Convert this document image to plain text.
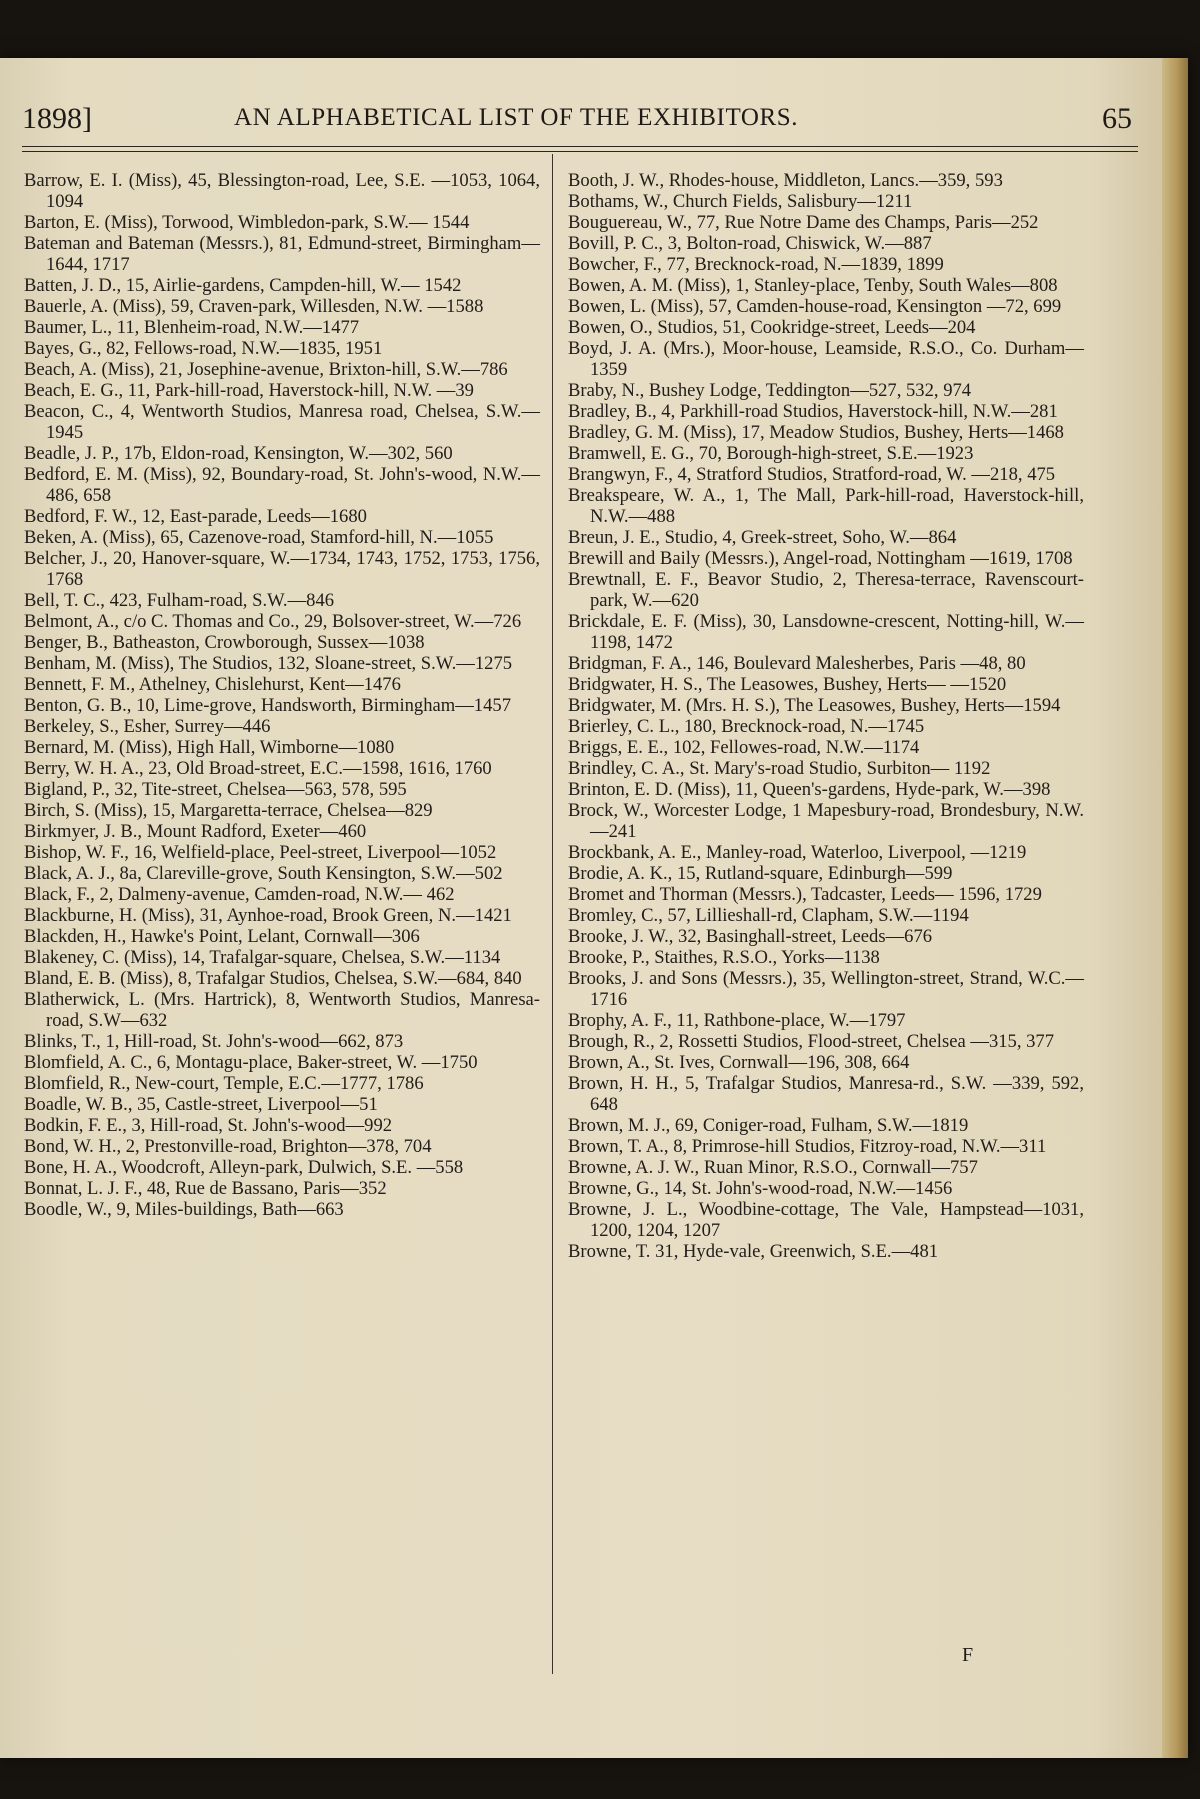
1898]	AN ALPHABETICAL LIST OF THE EXHIBITORS.	65

Barrow, E. I. (Miss), 45, Blessington-road, Lee, S.E. —1053, 1064, 1094

Barton, E. (Miss), Torwood, Wimbledon-park, S.W.— 1544

Bateman and Bateman (Messrs.), 81, Edmund-street, Birmingham—1644, 1717

Batten, J. D., 15, Airlie-gardens, Campden-hill, W.— 1542

Bauerle, A. (Miss), 59, Craven-park, Willesden, N.W. —1588

Baumer, L., 11, Blenheim-road, N.W.—1477

Bayes, G., 82, Fellows-road, N.W.—1835, 1951

Beach, A. (Miss), 21, Josephine-avenue, Brixton-hill, S.W.—786

Beach, E. G., 11, Park-hill-road, Haverstock-hill, N.W. —39

Beacon, C., 4, Wentworth Studios, Manresa road, Chelsea, S.W.—1945

Beadle, J. P., 17b, Eldon-road, Kensington, W.—302, 560

Bedford, E. M. (Miss), 92, Boundary-road, St. John's-wood, N.W.—486, 658

Bedford, F. W., 12, East-parade, Leeds—1680

Beken, A. (Miss), 65, Cazenove-road, Stamford-hill, N.—1055

Belcher, J., 20, Hanover-square, W.—1734, 1743, 1752, 1753, 1756, 1768

Bell, T. C., 423, Fulham-road, S.W.—846

Belmont, A., c/o C. Thomas and Co., 29, Bolsover-street, W.—726

Benger, B., Batheaston, Crowborough, Sussex—1038

Benham, M. (Miss), The Studios, 132, Sloane-street, S.W.—1275

Bennett, F. M., Athelney, Chislehurst, Kent—1476

Benton, G. B., 10, Lime-grove, Handsworth, Birmingham—1457

Berkeley, S., Esher, Surrey—446

Bernard, M. (Miss), High Hall, Wimborne—1080

Berry, W. H. A., 23, Old Broad-street, E.C.—1598, 1616, 1760

Bigland, P., 32, Tite-street, Chelsea—563, 578, 595

Birch, S. (Miss), 15, Margaretta-terrace, Chelsea—829

Birkmyer, J. B., Mount Radford, Exeter—460

Bishop, W. F., 16, Welfield-place, Peel-street, Liverpool—1052

Black, A. J., 8a, Clareville-grove, South Kensington, S.W.—502

Black, F., 2, Dalmeny-avenue, Camden-road, N.W.— 462

Blackburne, H. (Miss), 31, Aynhoe-road, Brook Green, N.—1421

Blackden, H., Hawke's Point, Lelant, Cornwall—306

Blakeney, C. (Miss), 14, Trafalgar-square, Chelsea, S.W.—1134

Bland, E. B. (Miss), 8, Trafalgar Studios, Chelsea, S.W.—684, 840

Blatherwick, L. (Mrs. Hartrick), 8, Wentworth Studios, Manresa-road, S.W—632

Blinks, T., 1, Hill-road, St. John's-wood—662, 873

Blomfield, A. C., 6, Montagu-place, Baker-street, W. —1750

Blomfield, R., New-court, Temple, E.C.—1777, 1786

Boadle, W. B., 35, Castle-street, Liverpool—51

Bodkin, F. E., 3, Hill-road, St. John's-wood—992

Bond, W. H., 2, Prestonville-road, Brighton—378, 704

Bone, H. A., Woodcroft, Alleyn-park, Dulwich, S.E. —558

Bonnat, L. J. F., 48, Rue de Bassano, Paris—352

Boodle, W., 9, Miles-buildings, Bath—663

Booth, J. W., Rhodes-house, Middleton, Lancs.—359, 593

Bothams, W., Church Fields, Salisbury—1211

Bouguereau, W., 77, Rue Notre Dame des Champs, Paris—252

Bovill, P. C., 3, Bolton-road, Chiswick, W.—887

Bowcher, F., 77, Brecknock-road, N.—1839, 1899

Bowen, A. M. (Miss), 1, Stanley-place, Tenby, South Wales—808

Bowen, L. (Miss), 57, Camden-house-road, Kensington —72, 699

Bowen, O., Studios, 51, Cookridge-street, Leeds—204

Boyd, J. A. (Mrs.), Moor-house, Leamside, R.S.O., Co. Durham—1359

Braby, N., Bushey Lodge, Teddington—527, 532, 974

Bradley, B., 4, Parkhill-road Studios, Haverstock-hill, N.W.—281

Bradley, G. M. (Miss), 17, Meadow Studios, Bushey, Herts—1468

Bramwell, E. G., 70, Borough-high-street, S.E.—1923

Brangwyn, F., 4, Stratford Studios, Stratford-road, W. —218, 475

Breakspeare, W. A., 1, The Mall, Park-hill-road, Haverstock-hill, N.W.—488

Breun, J. E., Studio, 4, Greek-street, Soho, W.—864

Brewill and Baily (Messrs.), Angel-road, Nottingham —1619, 1708

Brewtnall, E. F., Beavor Studio, 2, Theresa-terrace, Ravenscourt-park, W.—620

Brickdale, E. F. (Miss), 30, Lansdowne-crescent, Notting-hill, W.—1198, 1472

Bridgman, F. A., 146, Boulevard Malesherbes, Paris —48, 80

Bridgwater, H. S., The Leasowes, Bushey, Herts— —1520

Bridgwater, M. (Mrs. H. S.), The Leasowes, Bushey, Herts—1594

Brierley, C. L., 180, Brecknock-road, N.—1745

Briggs, E. E., 102, Fellowes-road, N.W.—1174

Brindley, C. A., St. Mary's-road Studio, Surbiton— 1192

Brinton, E. D. (Miss), 11, Queen's-gardens, Hyde-park, W.—398

Brock, W., Worcester Lodge, 1 Mapesbury-road, Brondesbury, N.W.—241

Brockbank, A. E., Manley-road, Waterloo, Liverpool, —1219

Brodie, A. K., 15, Rutland-square, Edinburgh—599

Bromet and Thorman (Messrs.), Tadcaster, Leeds— 1596, 1729

Bromley, C., 57, Lillieshall-rd, Clapham, S.W.—1194

Brooke, J. W., 32, Basinghall-street, Leeds—676

Brooke, P., Staithes, R.S.O., Yorks—1138

Brooks, J. and Sons (Messrs.), 35, Wellington-street, Strand, W.C.—1716

Brophy, A. F., 11, Rathbone-place, W.—1797

Brough, R., 2, Rossetti Studios, Flood-street, Chelsea —315, 377

Brown, A., St. Ives, Cornwall—196, 308, 664

Brown, H. H., 5, Trafalgar Studios, Manresa-rd., S.W. —339, 592, 648

Brown, M. J., 69, Coniger-road, Fulham, S.W.—1819

Brown, T. A., 8, Primrose-hill Studios, Fitzroy-road, N.W.—311

Browne, A. J. W., Ruan Minor, R.S.O., Cornwall—757

Browne, G., 14, St. John's-wood-road, N.W.—1456

Browne, J. L., Woodbine-cottage, The Vale, Hampstead—1031, 1200, 1204, 1207

Browne, T. 31, Hyde-vale, Greenwich, S.E.—481

F
